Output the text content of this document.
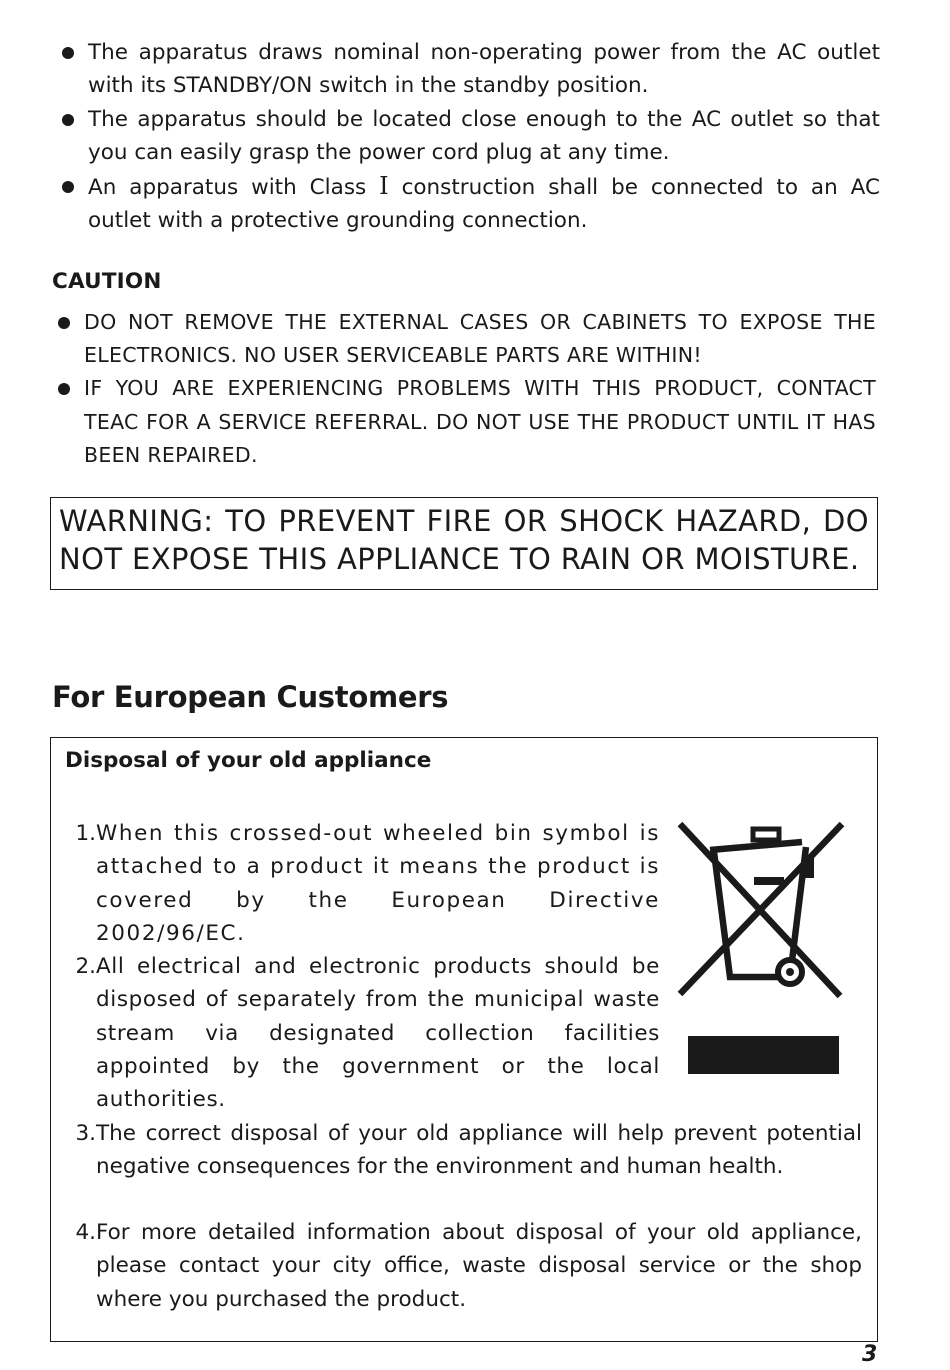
The apparatus draws nominal non-operating power from the AC outlet with its STANDBY/ON switch in the standby position.
The apparatus should be located close enough to the AC outlet so that you can easily grasp the power cord plug at any time.
An apparatus with Class I construction shall be connected to an AC outlet with a protective grounding connection.
CAUTION
DO NOT REMOVE THE EXTERNAL CASES OR CABINETS TO EXPOSE THE ELECTRONICS. NO USER SERVICEABLE PARTS ARE WITHIN!
IF YOU ARE EXPERIENCING PROBLEMS WITH THIS PRODUCT, CONTACT TEAC FOR A SERVICE REFERRAL. DO NOT USE THE PRODUCT UNTIL IT HAS BEEN REPAIRED.
WARNING: TO PREVENT FIRE OR SHOCK HAZARD, DO NOT EXPOSE THIS APPLIANCE TO RAIN OR MOISTURE.
For European Customers
Disposal of your old appliance
1. When this crossed-out wheeled bin symbol is attached to a product it means the product is covered by the European Directive 2002/96/EC.
2. All electrical and electronic products should be disposed of separately from the municipal waste stream via designated collection facilities appointed by the government or the local authorities.
3. The correct disposal of your old appliance will help prevent potential negative consequences for the environment and human health.
4. For more detailed information about disposal of your old appliance, please contact your city office, waste disposal service or the shop where you purchased the product.
3
